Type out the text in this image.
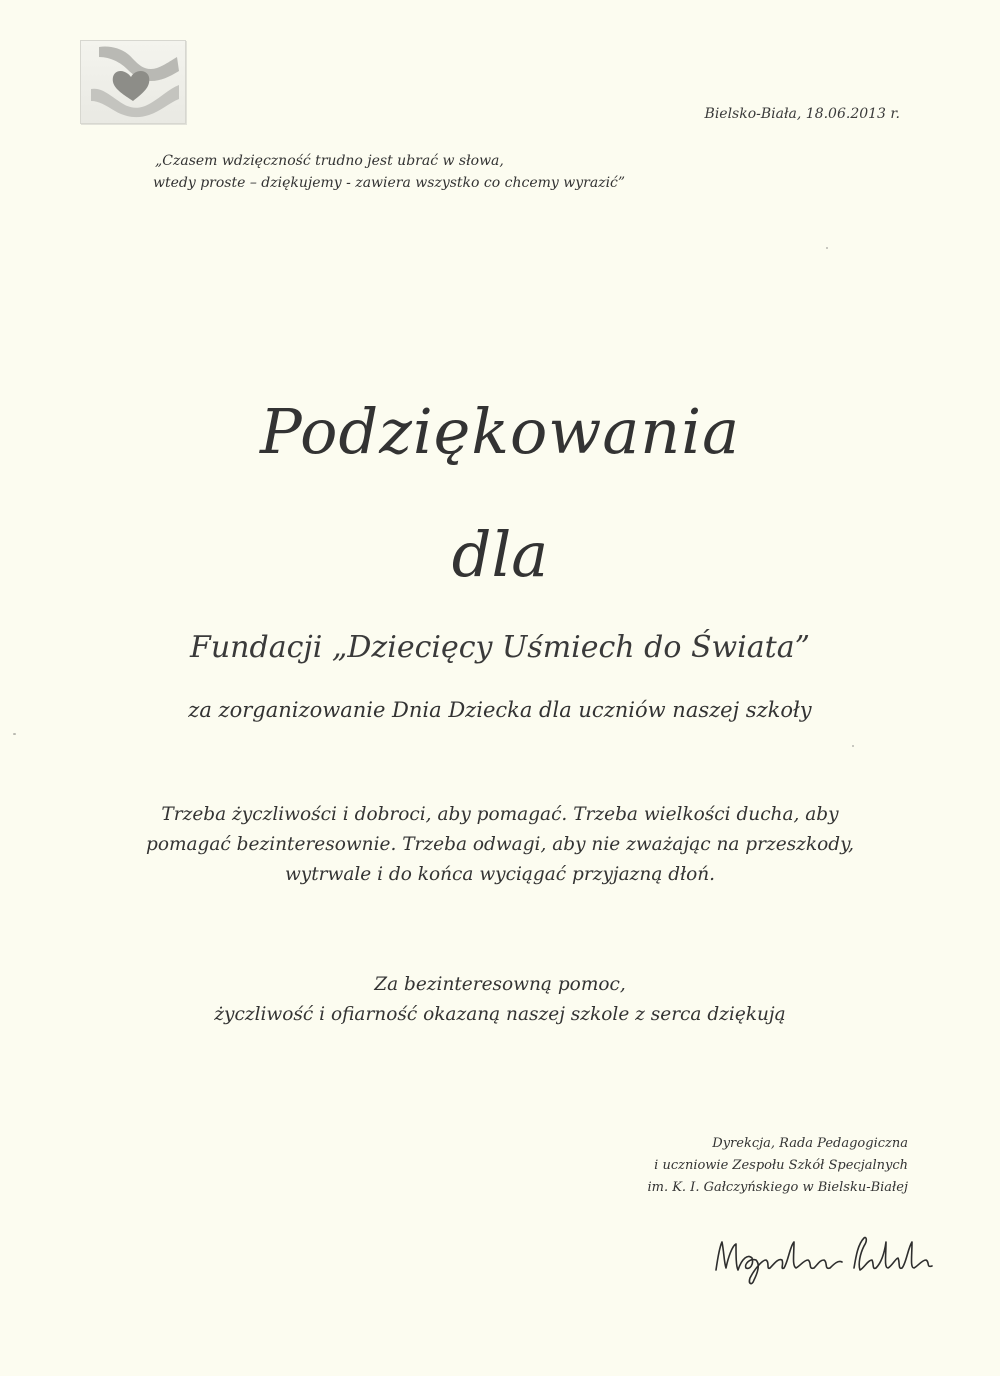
Bielsko-Biała, 18.06.2013 r.
„Czasem wdzięczność trudno jest ubrać w słowa,
wtedy proste – dziękujemy - zawiera wszystko co chcemy wyrazić”
Podziękowania
dla
Fundacji „Dziecięcy Uśmiech do Świata”
za zorganizowanie Dnia Dziecka dla uczniów naszej szkoły
Trzeba życzliwości i dobroci, aby pomagać. Trzeba wielkości ducha, aby
pomagać bezinteresownie. Trzeba odwagi, aby nie zważając na przeszkody,
wytrwale i do końca wyciągać przyjazną dłoń.
Za bezinteresowną pomoc,
życzliwość i ofiarność okazaną naszej szkole z serca dziękują
Dyrekcja, Rada Pedagogiczna
i uczniowie Zespołu Szkół Specjalnych
im. K. I. Gałczyńskiego w Bielsku-Białej
